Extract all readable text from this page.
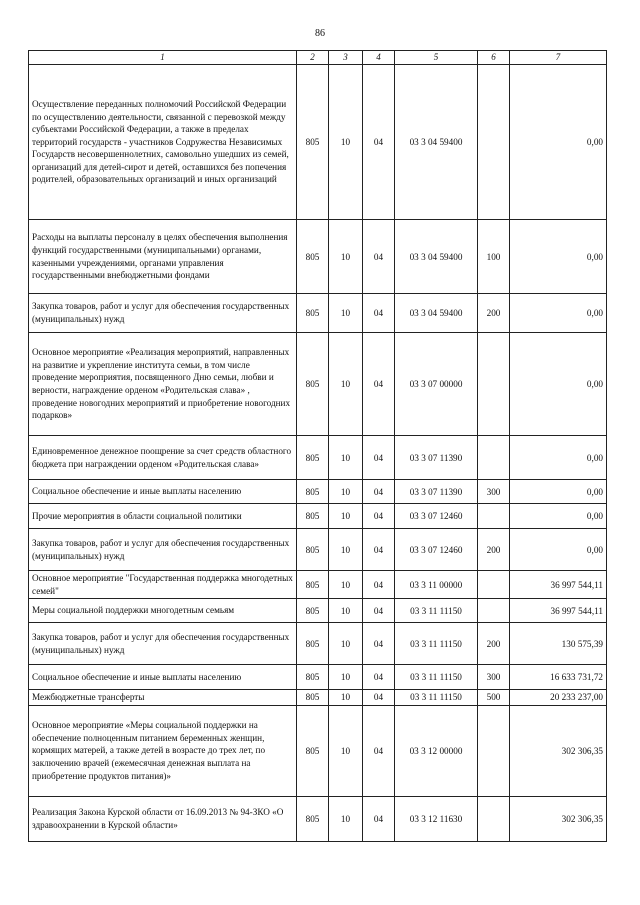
86
1	2	3	4	5	6	7
Осуществление переданных полномочий Российской Федерации по осуществлению деятельности, связанной с перевозкой между субъектами Российской Федерации, а также в пределах территорий государств - участников Содружества Независимых Государств несовершеннолетних, самовольно ушедших из семей, организаций для детей-сирот и детей, оставшихся без попечения родителей, образовательных организаций и иных организаций	805	10	04	03 3 04 59400		0,00
Расходы на выплаты персоналу в целях обеспечения выполнения функций государственными (муниципальными) органами, казенными учреждениями, органами управления государственными внебюджетными фондами	805	10	04	03 3 04 59400	100	0,00
Закупка товаров, работ и услуг для обеспечения государственных (муниципальных) нужд	805	10	04	03 3 04 59400	200	0,00
Основное мероприятие «Реализация мероприятий, направленных на развитие и укрепление института семьи, в том числе проведение мероприятия, посвященного Дню семьи, любви и верности, награждение орденом «Родительская слава» , проведение новогодних мероприятий и приобретение новогодних подарков»	805	10	04	03 3 07 00000		0,00
Единовременное денежное поощрение за счет средств областного бюджета при награждении орденом «Родительская слава»	805	10	04	03 3 07 11390		0,00
Социальное обеспечение и иные выплаты населению	805	10	04	03 3 07 11390	300	0,00
Прочие мероприятия в области социальной политики	805	10	04	03 3 07 12460		0,00
Закупка товаров, работ и услуг для обеспечения государственных (муниципальных) нужд	805	10	04	03 3 07 12460	200	0,00
Основное мероприятие "Государственная поддержка многодетных семей"	805	10	04	03 3 11 00000		36 997 544,11
Меры социальной поддержки многодетным семьям	805	10	04	03 3 11 11150		36 997 544,11
Закупка товаров, работ и услуг для обеспечения государственных (муниципальных) нужд	805	10	04	03 3 11 11150	200	130 575,39
Социальное обеспечение и иные выплаты населению	805	10	04	03 3 11 11150	300	16 633 731,72
Межбюджетные трансферты	805	10	04	03 3 11 11150	500	20 233 237,00
Основное мероприятие «Меры социальной поддержки на обеспечение полноценным питанием беременных женщин, кормящих матерей, а также детей в возрасте до трех лет, по заключению врачей (ежемесячная денежная выплата на приобретение продуктов питания)»	805	10	04	03 3 12 00000		302 306,35
Реализация Закона Курской области от 16.09.2013 № 94-ЗКО «О здравоохранении в Курской области»	805	10	04	03 3 12 11630		302 306,35
